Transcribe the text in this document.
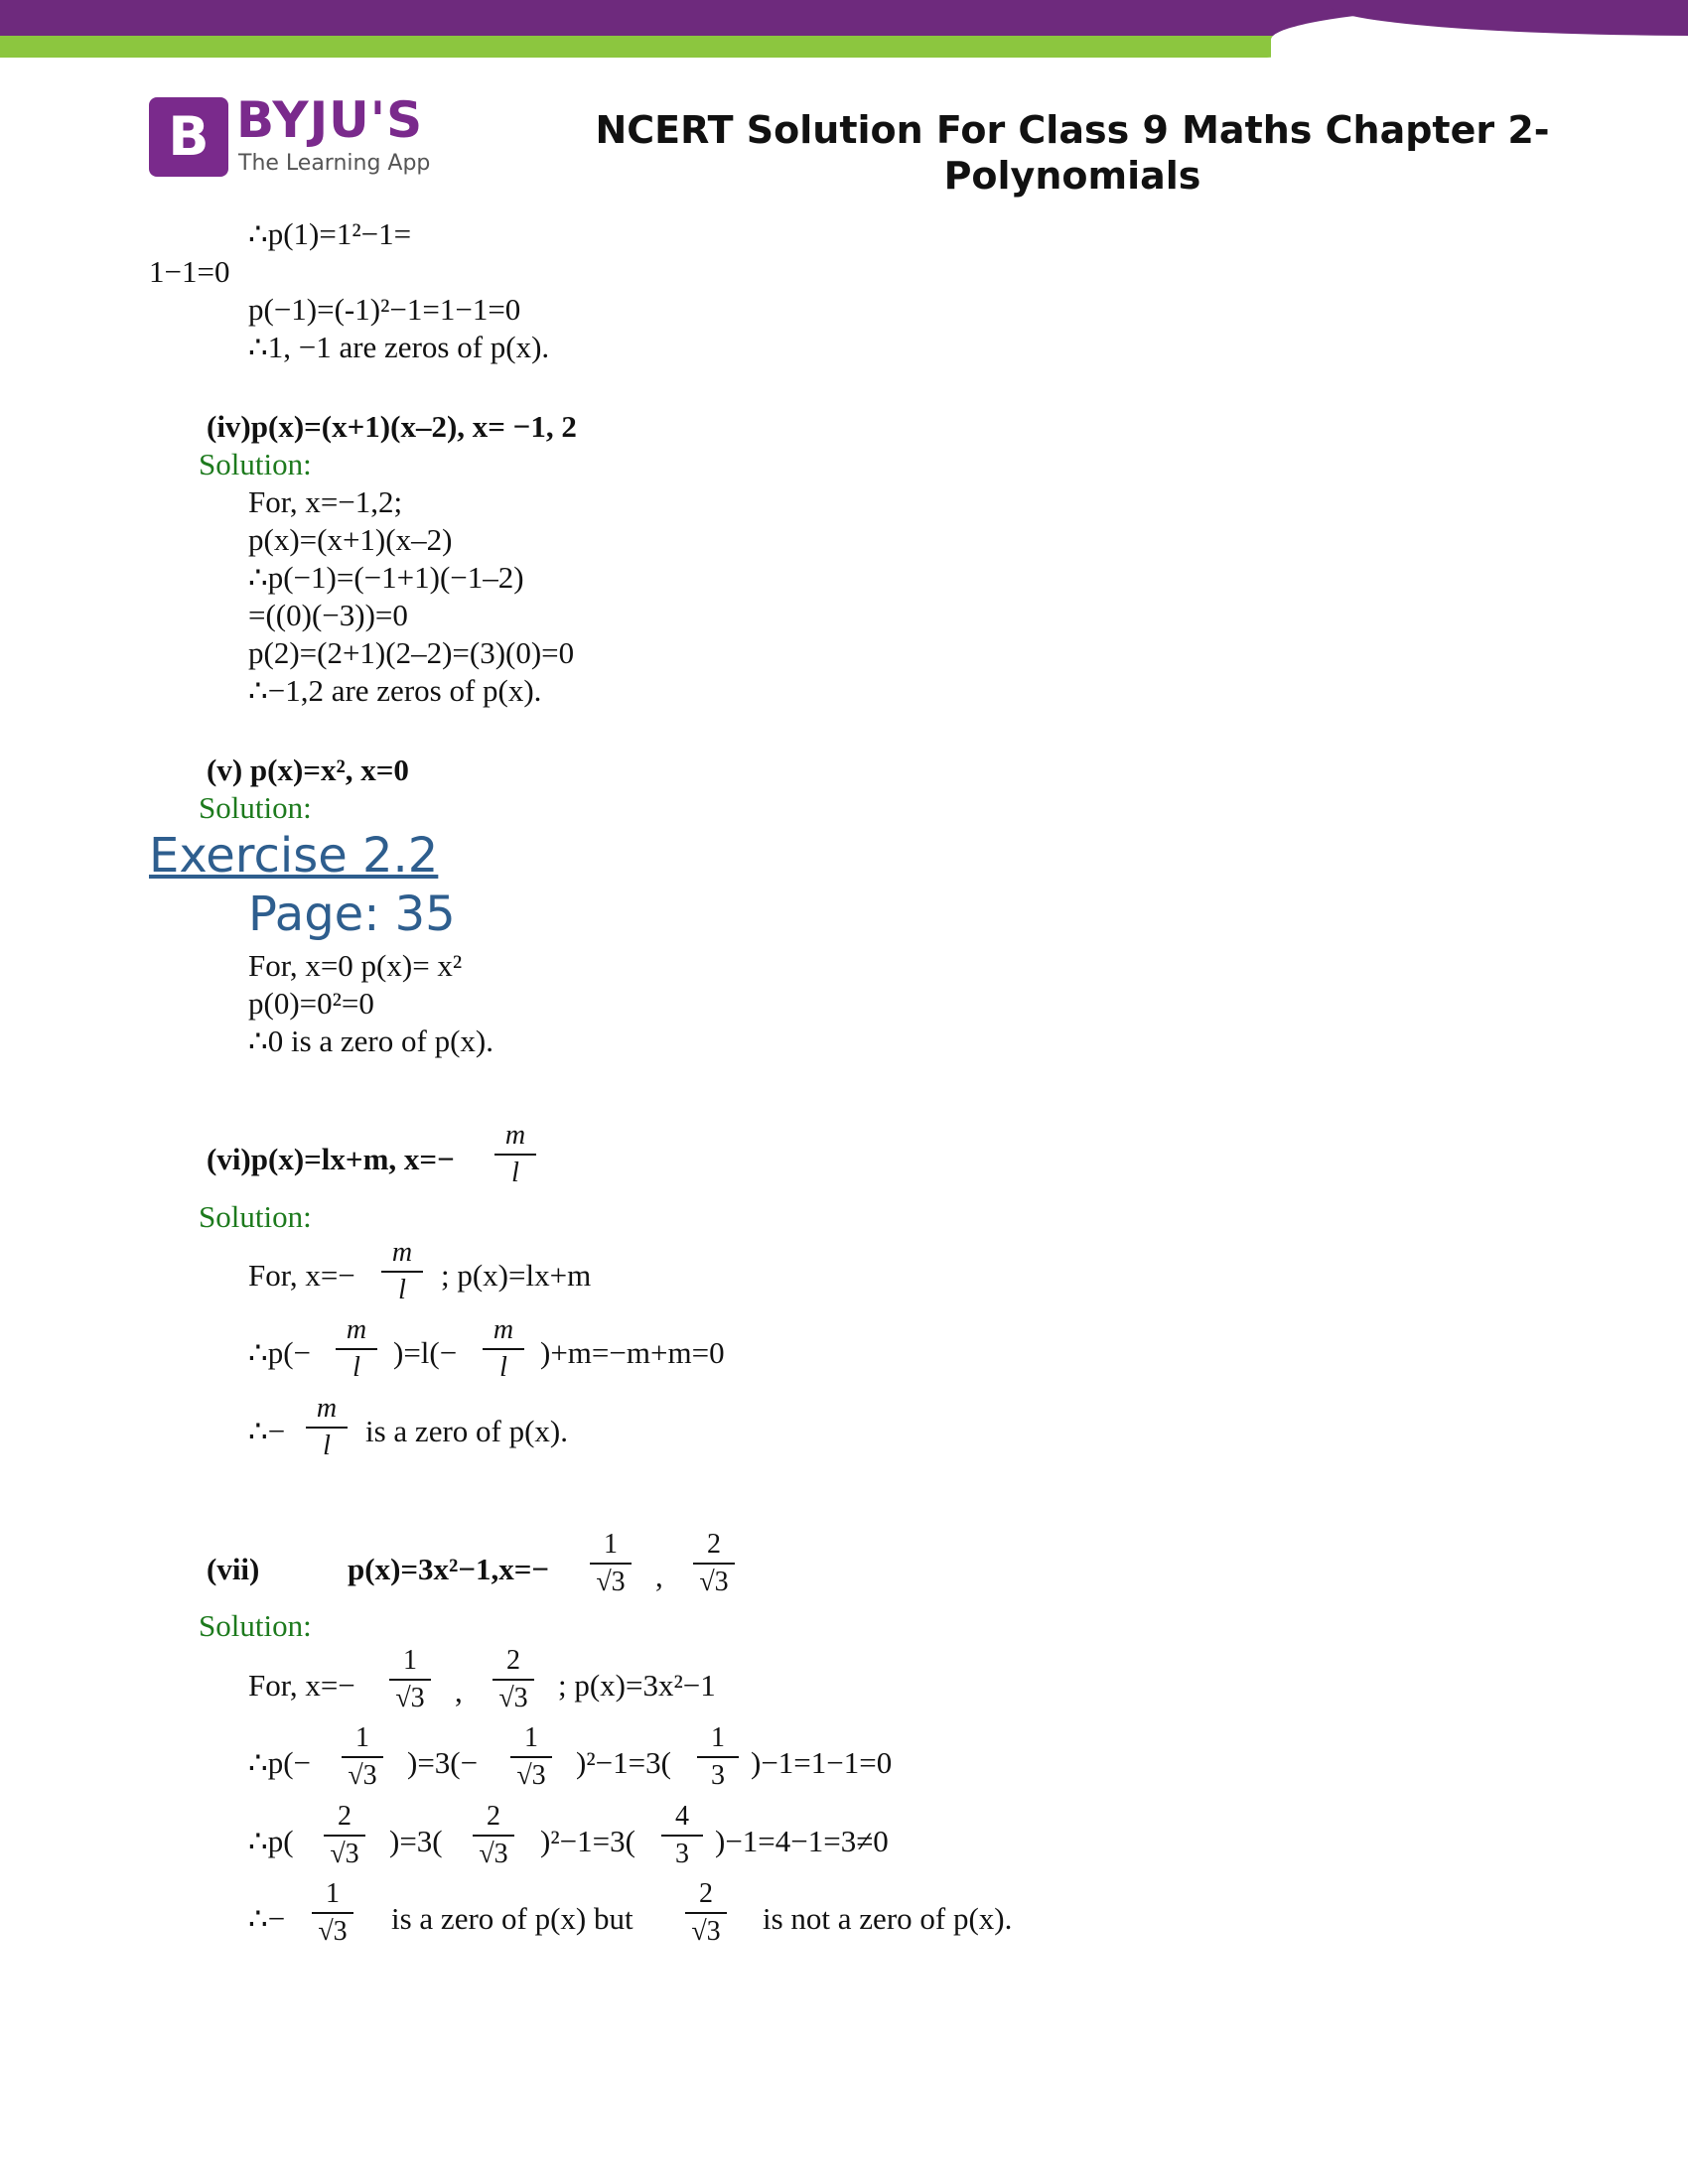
B BYJU'S
The Learning App
NCERT Solution For Class 9 Maths Chapter 2-
Polynomials
∴p(1)=1²−1=
1−1=0
p(−1)=(-1)²−1=1−1=0
∴1, −1 are zeros of p(x).
(iv)p(x)=(x+1)(x–2), x= −1, 2
Solution:
For, x=−1,2;
p(x)=(x+1)(x–2)
∴p(−1)=(−1+1)(−1–2)
=((0)(−3))=0
p(2)=(2+1)(2–2)=(3)(0)=0
∴−1,2 are zeros of p(x).
(v) p(x)=x², x=0
Solution:
Exercise 2.2
Page: 35
For, x=0 p(x)= x²
p(0)=0²=0
∴0 is a zero of p(x).
(vi)p(x)=lx+m, x=−
m
l
Solution:
For, x=−
m
l	; p(x)=lx+m
∴p(−
m
l	)=l(−
m
l	)+m=−m+m=0
∴−
m
l	is a zero of p(x).
(vii)	p(x)=3x²−1,x=−
1
√3 ,
2
√3
Solution:
For, x=−
1
√3 ,
2
√3 ; p(x)=3x²−1
∴p(−
1
√3 )=3(−
1
√3 )²−1=3(
1
3 )−1=1−1=0
∴p(
2
√3 )=3(
2
√3	)²−1=3(
4
3 )−1=4−1=3≠0
∴−
1
√3	is a zero of p(x) but
2
√3	is not a zero of p(x).
